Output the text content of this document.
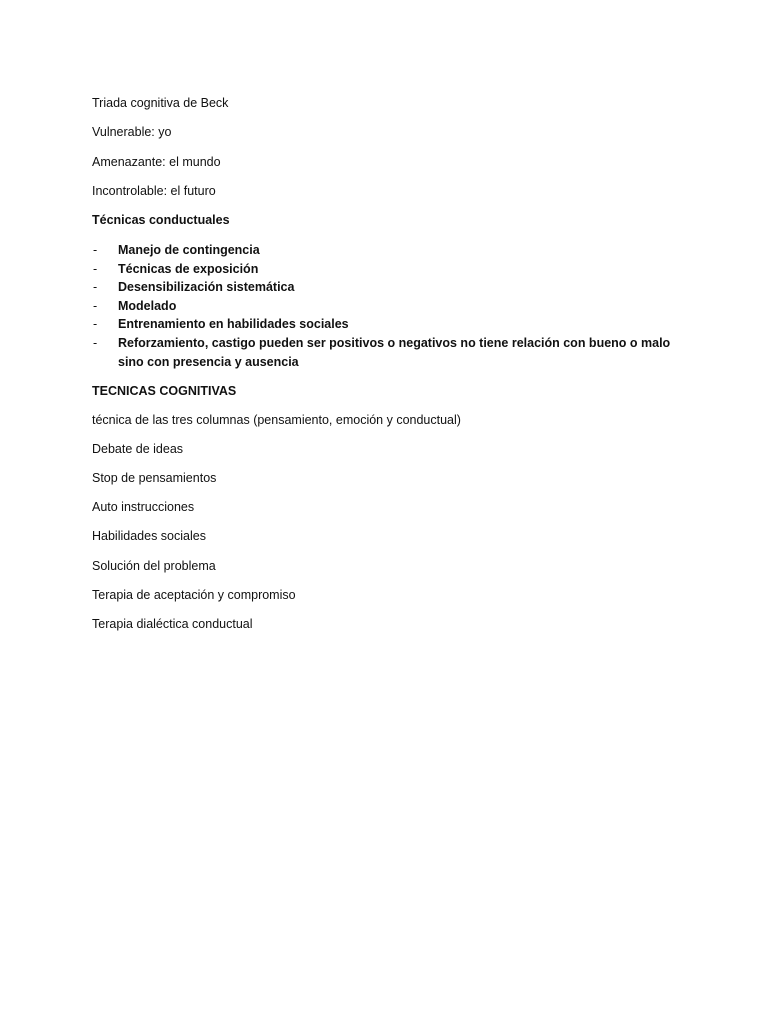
Triada cognitiva de Beck

Vulnerable: yo

Amenazante: el mundo

Incontrolable: el futuro

Técnicas conductuales

- Manejo de contingencia
- Técnicas de exposición
- Desensibilización sistemática
- Modelado
- Entrenamiento en habilidades sociales
- Reforzamiento, castigo pueden ser positivos o negativos no tiene relación con bueno o malo sino con presencia y ausencia

TECNICAS COGNITIVAS

técnica de las tres columnas (pensamiento, emoción y conductual)

Debate de ideas

Stop de pensamientos

Auto instrucciones

Habilidades sociales

Solución del problema

Terapia de aceptación y compromiso

Terapia dialéctica conductual
